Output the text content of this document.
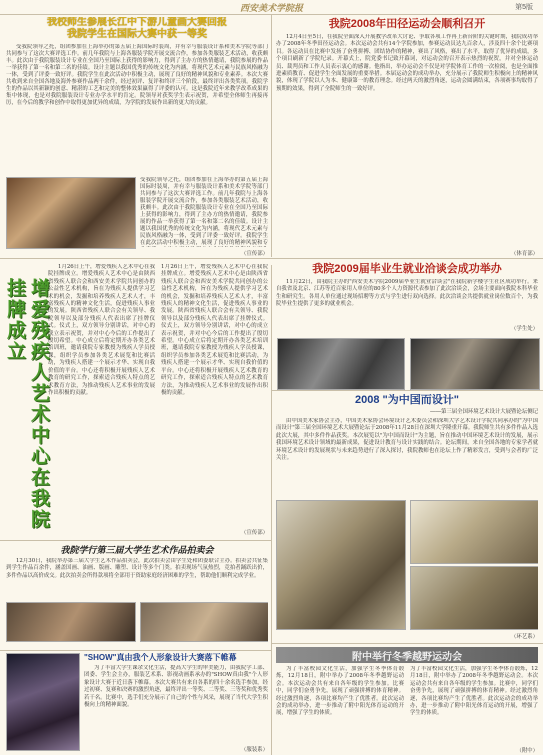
西安美术学院报	第5版
我校师生参展长江中下游儿童画大赛回报
我院学生在国际大赛中获一等奖
受我院领导之托，组团参加在上海举办的第五届上海国际时装周，并有幸与服装设计系和美术学院等部门共同参与了这次大赛评选工作。前几年我院与上海各服装学院开展交流合作，参加各类服装艺术活动，收获颇丰。此次由于我院服装设计专业在全国乃至国际上获得的影响力，得到了主办方的热情邀请，我院参展的作品一举获得了第一名和第二名的佳绩。设计主题以我国优秀的传统文化为内涵，将现代艺术元素与民族风格融为一体，受到了评委一致好评。我院学生在此次活动中积极主动，展现了良好的精神风貌和专业素养。本次大赛共收到来自全国各地及海外参赛作品两千余件，经过初评、复评和终评三个阶段，最终评出各类奖项。我院学生的作品以其新颖的创意、精湛的工艺和完美的整体效果赢得了评委的认可。这是我院近年来教学改革成果的集中体现，也是对我院服装设计专业办学水平的肯定。院领导对获奖学生表示祝贺，并希望全体师生再接再厉，在今后的教学和创作中取得更加优异的成绩，为学院的发展作出新的更大的贡献。
受我院领导之托，组团参加在上海举办的第五届上海国际时装周，并有幸与服装设计系和美术学院等部门共同参与了这次大赛评选工作。前几年我院与上海各服装学院开展交流合作，参加各类服装艺术活动，收获颇丰。此次由于我院服装设计专业在全国乃至国际上获得的影响力，得到了主办方的热情邀请，我院参展的作品一举获得了第一名和第二名的佳绩。设计主题以我国优秀的传统文化为内涵，将现代艺术元素与民族风格融为一体，受到了评委一致好评。我院学生在此次活动中积极主动，展现了良好的精神风貌和专
（宣传部）
我院2008年田径运动会顺利召开
12月4日至5日，在我院全面深入开展教学改革大讨论、争取各项工作再上新台阶的关键时期，我院成功举办了2008年冬季田径运动会。本次运动会共有14个学院参加，参赛运动员达九百余人，涉及四十余个比赛项目。各运动员在比赛中发扬了奋勇拼搏、团结协作的精神，赛出了风格，赛出了水平，取得了优异的成绩，多个项目刷新了学院纪录。开幕式上，院党委书记致开幕词，对运动会的召开表示热烈的祝贺，并对全体运动员、裁判员和工作人员表示衷心的感谢。他指出，举办运动会不仅是对学院体育工作的一次检阅，也是全面推进素质教育、促进学生全面发展的重要举措。本届运动会的成功举办，充分展示了我院师生积极向上的精神风貌，体现了学院以人为本、健康第一的教育理念。经过两天的激烈角逐，运动会圆满结束，各项赛事均取得了预期的效果，得到了全院师生的一致好评。
（体育部）
增爱残疾人艺术中心在我院挂牌成立
1月26日上午，增爱残疾人艺术中心在我院挂牌成立。增爱残疾人艺术中心是由陕西省残疾人联合会和西安美术学院共同创办的公益性艺术机构，旨在为残疾人提供学习艺术的机会，发掘和培养残疾人艺术人才，丰富残疾人的精神文化生活，促进残疾人事业的发展。陕西省残疾人联合会有关领导、我院领导以及部分残疾人代表出席了挂牌仪式。仪式上，双方领导分别讲话，对中心的成立表示祝贺，并对中心今后的工作提出了殷切希望。中心成立后将定期开办各类艺术培训班，邀请我院专家教授为残疾人学员授课，组织学员参加各类艺术展览和比赛活动，为残疾人搭建一个展示才华、实现自我价值的平台。中心还将积极开展残疾人艺术教育的研究工作，探索适合残疾人特点的艺术教育方法，为推动残疾人艺术事业的发展作出积极的贡献。
1月26日上午，增爱残疾人艺术中心在我院挂牌成立。增爱残疾人艺术中心是由陕西省残疾人联合会和西安美术学院共同创办的公益性艺术机构，旨在为残疾人提供学习艺术的机会，发掘和培养残疾人艺术人才，丰富残疾人的精神文化生活，促进残疾人事业的发展。陕西省残疾人联合会有关领导、我院领导以及部分残疾人代表出席了挂牌仪式。仪式上，双方领导分别讲话，对中心的成立表示祝贺，并对中心今后的工作提出了殷切希望。中心成立后将定期开办各类艺术培训班，邀请我院专家教授为残疾人学员授课，组织学员参加各类艺术展览和比赛活动，为残疾人搭建一个展示才华、实现自我价值的平台。中心还将积极开展残疾人艺术教育的研究工作，探索适合残疾人特点的艺术教育方法，为推动残疾人艺术事业的发展作出积极的贡献。
（宣传部）
我院2009届毕业生就业洽谈会成功举办
11月22日，由我院主办的"西安美术学院2009届毕业生就业洽谈会"在我院新学楼学生社区成功举行。来自我省及北京、江苏等近百家用人单位的80多个人力资源代表参加了此次洽谈会，会场主要面向我院本科毕业生和研究生。各用人单位通过现场招聘等方式与学生进行双向选择。此次洽谈会共提供就业岗位数百个，为我院毕业生提供了更多的就业机会。
（学生处）
2008 "为中国而设计"
——第三届全国环境艺术设计大展暨论坛侧记
由中国美术家协会主办，中国美术家协会环境设计艺术委员会和深圳大学艺术设计学院共同承办的"为中国而设计"第三届全国环境艺术大展暨论坛于2008年11月28日在深圳大学隆重开幕。我院师生共有多件作品入选此次大展，其中多件作品获奖。本次展览以"为中国而设计"为主题，旨在推动中国环境艺术设计的发展，展示我国环境艺术设计领域的最新成果，促进设计教育与设计实践的结合。论坛期间，来自全国各地的专家学者就环境艺术设计的发展现状与未来趋势进行了深入探讨，我院教师也在论坛上作了精彩发言，受到与会者的广泛关注。
（环艺系）
我院学行第三届大学生艺术作品拍卖会
12月30日，我院举办第三届大学生艺术作品拍卖会，此次拍卖会由学生处和团委联合主办。拍卖会共征集到学生作品百余件，涵盖国画、油画、版画、雕塑、设计等多个门类。拍卖现场气氛热烈，竞拍者踊跃出价，多件作品以高价成交。此次拍卖会所得款项将全部用于资助家庭经济困难的学生，帮助他们顺利完成学业。
"SHOW"真由我个人形象设计大赛落下帷幕
为了丰富大学生课余文化生活，提高大学生的审美能力，由我院学工部、团委、学生会主办，服装艺术系、影视动画系承办的"SHOW真由我"个人形象设计大赛于近日落下帷幕。本次大赛共有来自各系的四十余名选手参加，经过初赛、复赛和决赛的激烈角逐，最终评出一等奖、二等奖、三等奖和优秀奖若干名。比赛中，选手们充分展示了自己的个性与风采，展现了当代大学生积极向上的精神面貌。
（服装系）
附中举行冬季越野运动会
为了丰富校园文化生活，加强学生冬季体育锻炼，12月18日，附中举办了2008年冬季越野运动会。本次运动会共有来自各年级的学生参加。比赛中，同学们奋勇争先，展现了顽强拼搏的体育精神。经过激烈角逐，各项比赛均产生了优胜者。此次运动会的成功举办，进一步推动了附中阳光体育运动的开展，增强了学生的体质。
为了丰富校园文化生活，加强学生冬季体育锻炼，12月18日，附中举办了2008年冬季越野运动会。本次运动会共有来自各年级的学生参加。比赛中，同学们奋勇争先，展现了顽强拼搏的体育精神。经过激烈角逐，各项比赛均产生了优胜者。此次运动会的成功举办，进一步推动了附中阳光体育运动的开展，增强了学生的体质。
（附中）
